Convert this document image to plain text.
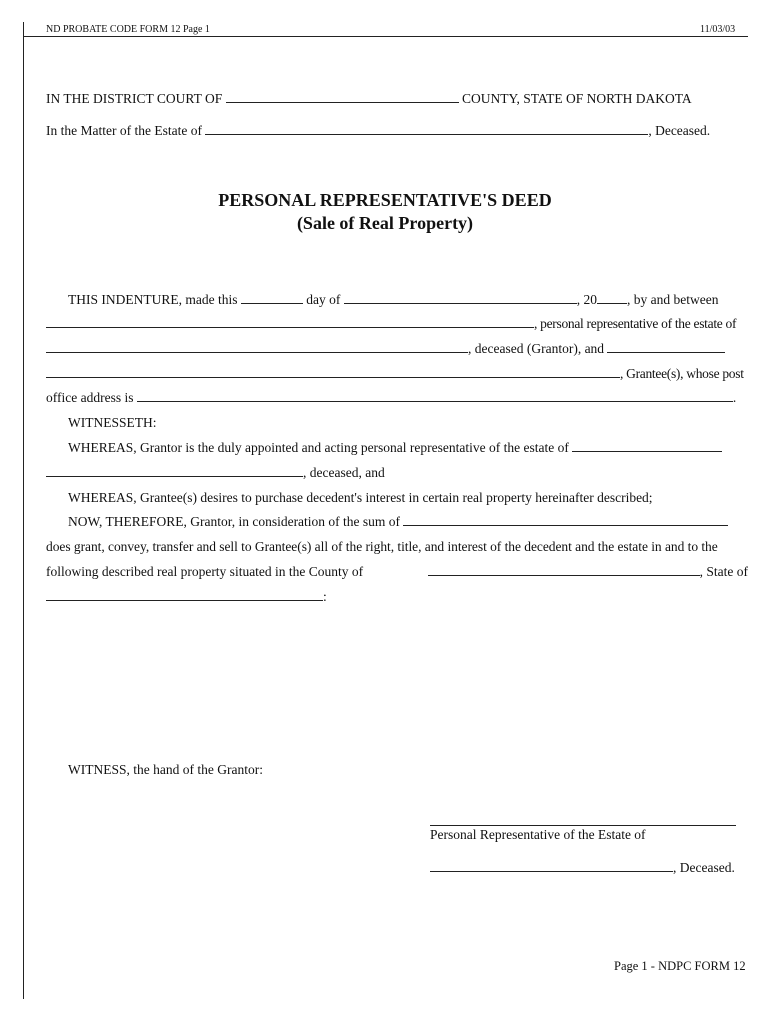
ND PROBATE CODE FORM 12 Page 1	11/03/03
IN THE DISTRICT COURT OF	COUNTY, STATE OF NORTH DAKOTA
In the Matter of the Estate of	, Deceased.
PERSONAL REPRESENTATIVE'S DEED
(Sale of Real Property)
THIS INDENTURE, made this	day of	, 20 , by and between
, personal representative of the estate of
, deceased (Grantor), and
, Grantee(s), whose post
office address is	.
WITNESSETH:
WHEREAS, Grantor is the duly appointed and acting personal representative of the estate of
, deceased, and
WHEREAS, Grantee(s) desires to purchase decedent's interest in certain real property hereinafter described;
NOW, THEREFORE, Grantor, in consideration of the sum of
does grant, convey, transfer and sell to Grantee(s) all of the right, title, and interest of the decedent and the estate in and to the
following described real property situated in the County of	, State of
:
WITNESS, the hand of the Grantor:
Personal Representative of the Estate of
, Deceased.
Page 1 - NDPC FORM 12
